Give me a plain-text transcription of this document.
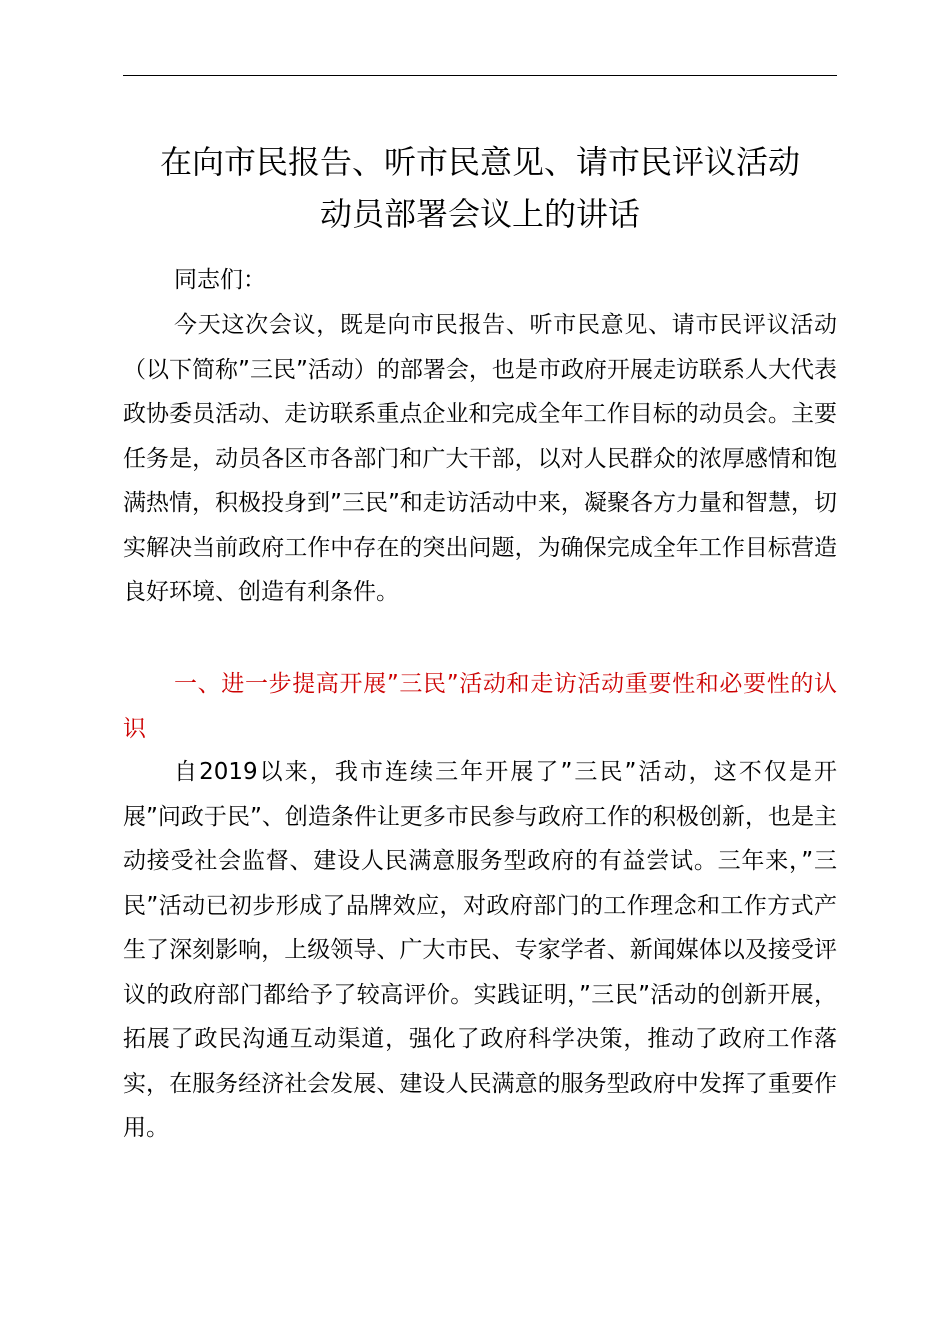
在向市民报告、听市民意见、请市民评议活动
动员部署会议上的讲话

同志们：

今天这次会议，既是向市民报告、听市民意见、请市民评议活动（以下简称”三民”活动）的部署会，也是市政府开展走访联系人大代表政协委员活动、走访联系重点企业和完成全年工作目标的动员会。主要任务是，动员各区市各部门和广大干部，以对人民群众的浓厚感情和饱满热情，积极投身到”三民”和走访活动中来，凝聚各方力量和智慧，切实解决当前政府工作中存在的突出问题，为确保完成全年工作目标营造良好环境、创造有利条件。

一、进一步提高开展”三民”活动和走访活动重要性和必要性的认识

自2019以来，我市连续三年开展了”三民”活动，这不仅是开展”问政于民”、创造条件让更多市民参与政府工作的积极创新，也是主动接受社会监督、建设人民满意服务型政府的有益尝试。三年来，”三民”活动已初步形成了品牌效应，对政府部门的工作理念和工作方式产生了深刻影响，上级领导、广大市民、专家学者、新闻媒体以及接受评议的政府部门都给予了较高评价。实践证明，”三民”活动的创新开展，拓展了政民沟通互动渠道，强化了政府科学决策，推动了政府工作落实，在服务经济社会发展、建设人民满意的服务型政府中发挥了重要作用。
